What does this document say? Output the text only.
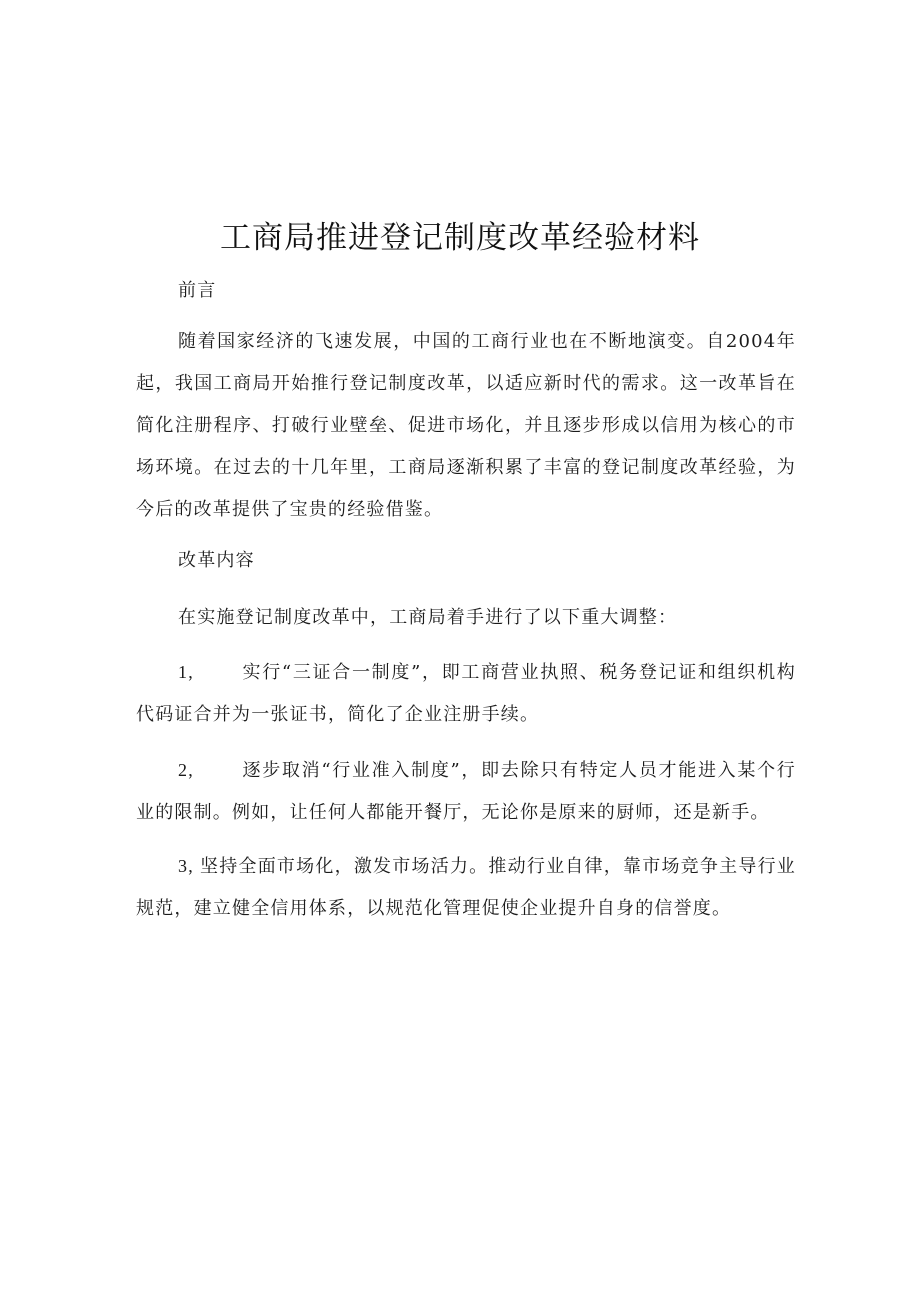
工商局推进登记制度改革经验材料

前言

随着国家经济的飞速发展，中国的工商行业也在不断地演变。自2004年起，我国工商局开始推行登记制度改革，以适应新时代的需求。这一改革旨在简化注册程序、打破行业壁垒、促进市场化，并且逐步形成以信用为核心的市场环境。在过去的十几年里，工商局逐渐积累了丰富的登记制度改革经验，为今后的改革提供了宝贵的经验借鉴。

改革内容

在实施登记制度改革中，工商局着手进行了以下重大调整：

1,	实行“三证合一制度”，即工商营业执照、税务登记证和组织机构代码证合并为一张证书，简化了企业注册手续。

2,	逐步取消“行业准入制度”，即去除只有特定人员才能进入某个行业的限制。例如，让任何人都能开餐厅，无论你是原来的厨师，还是新手。

3, 坚持全面市场化，激发市场活力。推动行业自律，靠市场竞争主导行业规范，建立健全信用体系，以规范化管理促使企业提升自身的信誉度。
